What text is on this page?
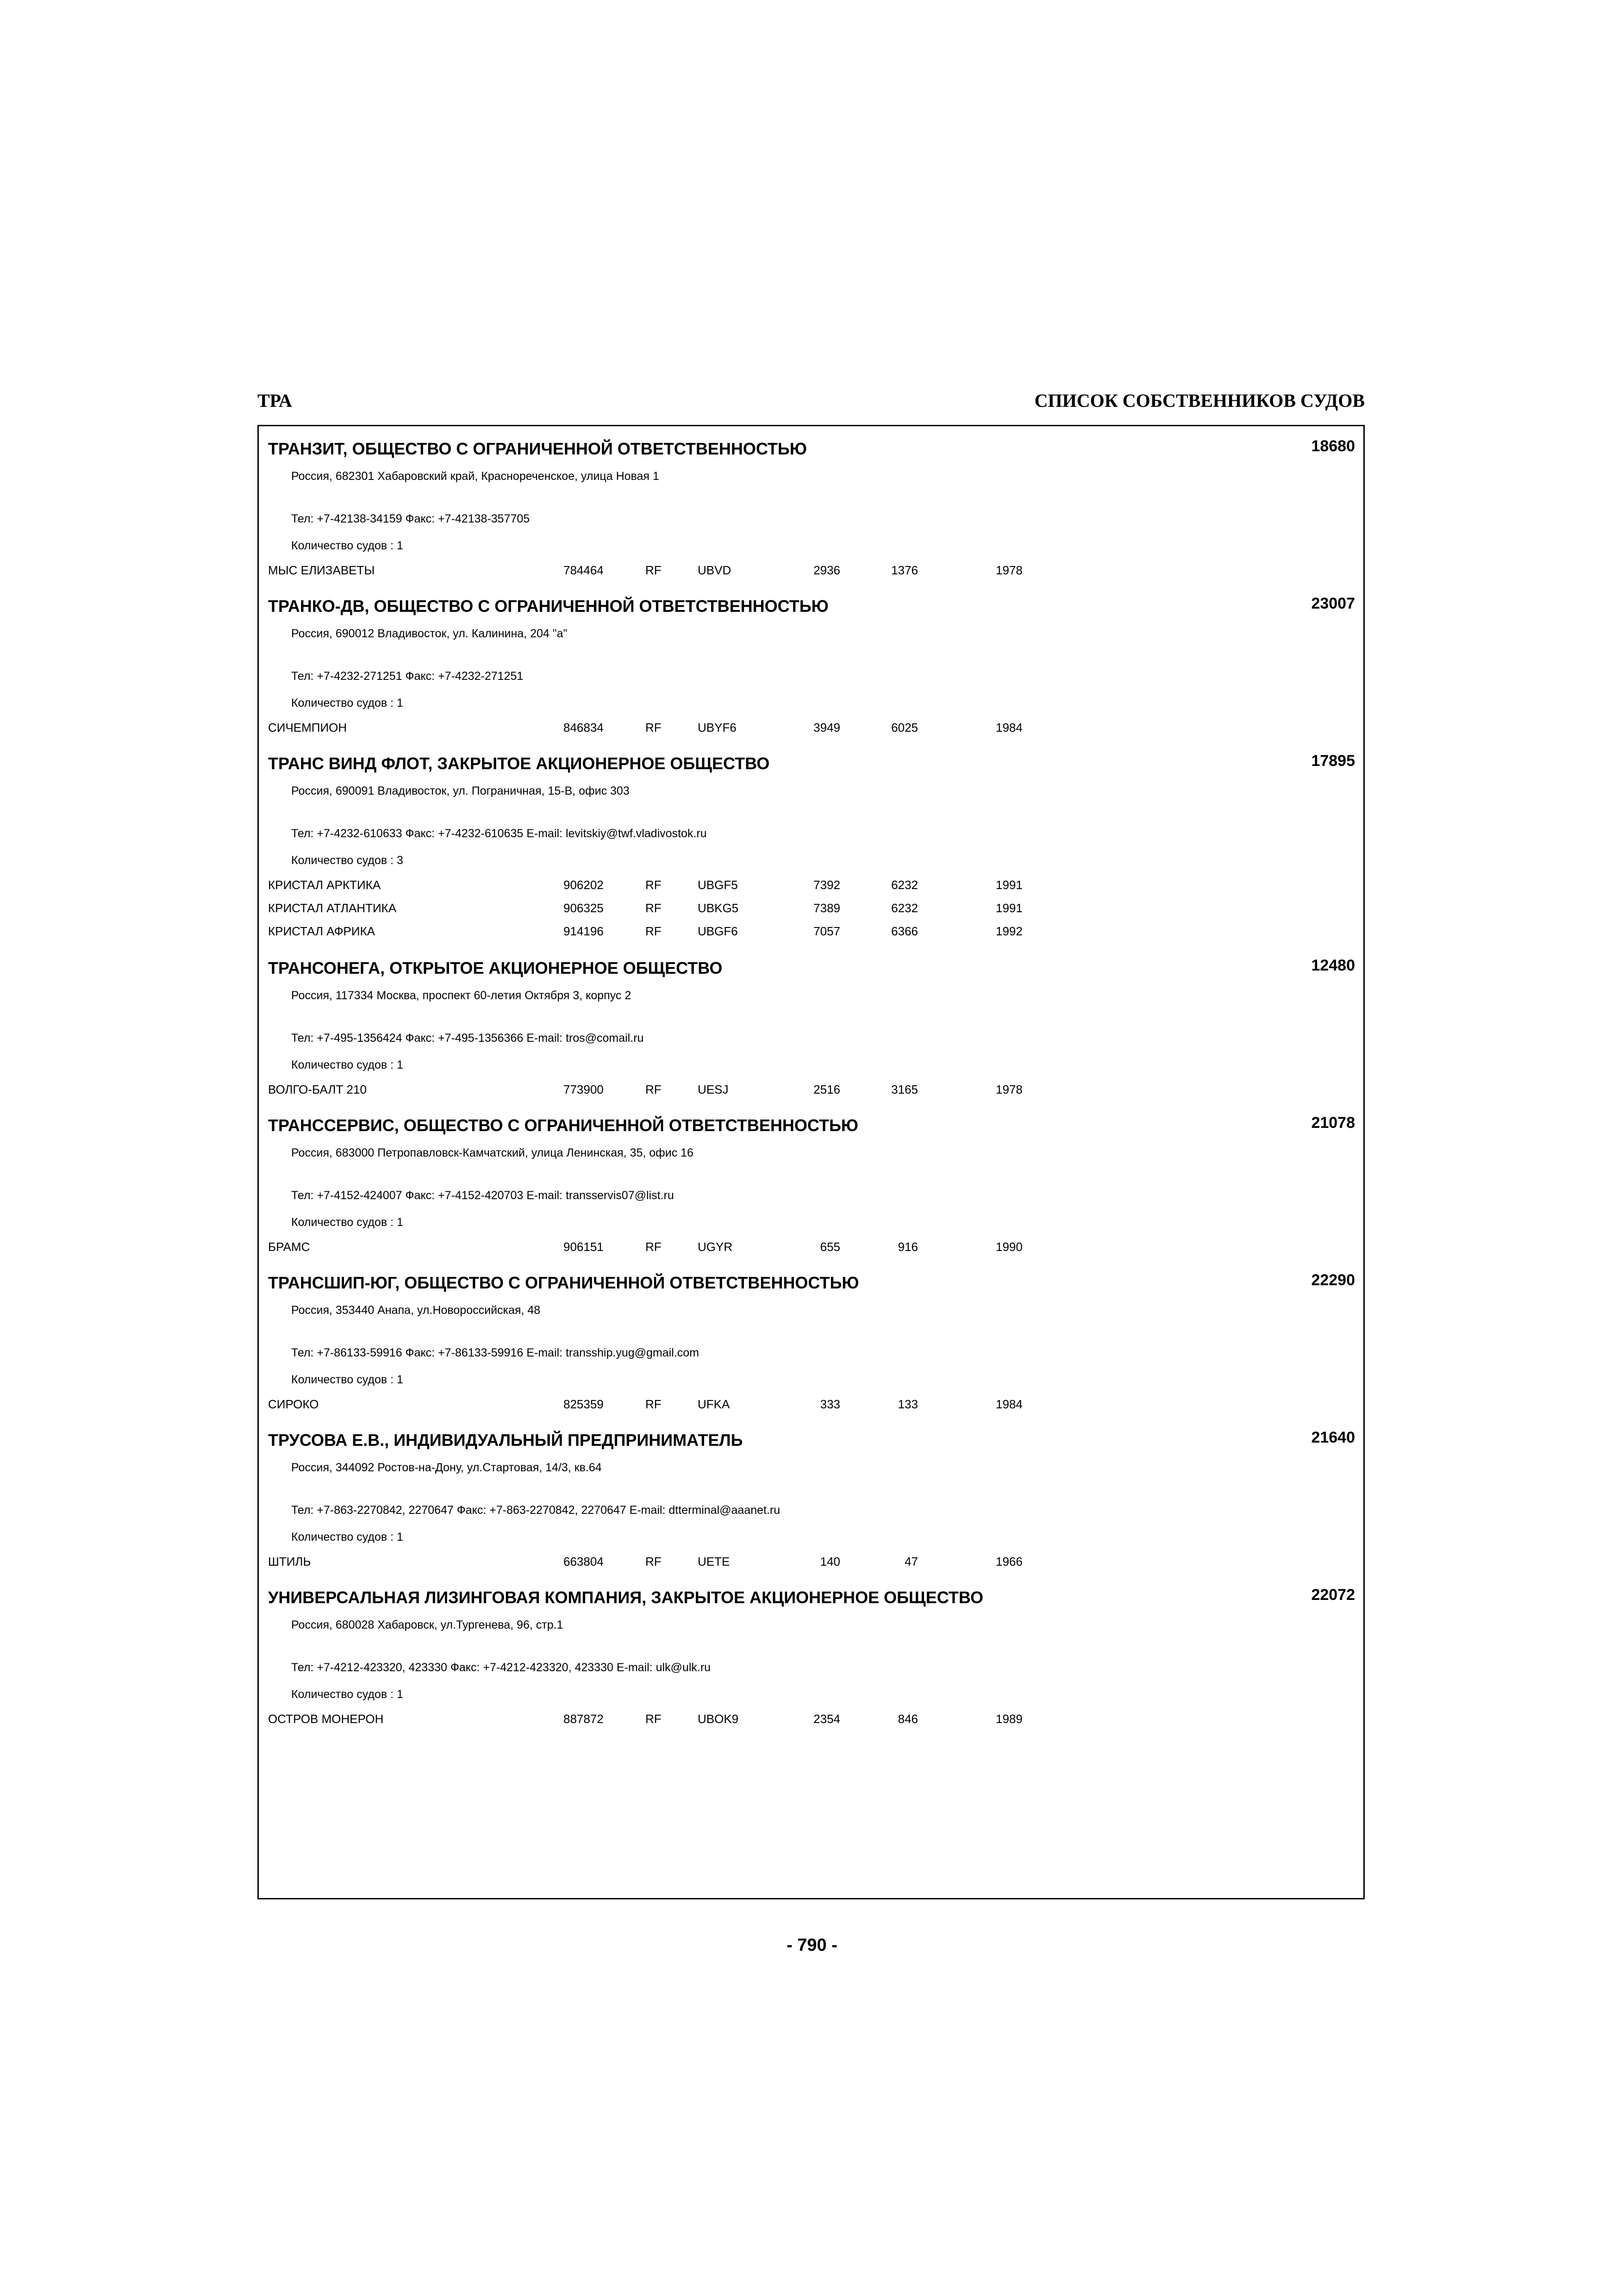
ТРА	СПИСОК СОБСТВЕННИКОВ СУДОВ
ТРАНЗИТ, ОБЩЕСТВО С ОГРАНИЧЕННОЙ ОТВЕТСТВЕННОСТЬЮ	18680
Россия, 682301 Хабаровский край, Краснореченское, улица Новая 1
Тел: +7-42138-34159 Факс: +7-42138-357705
Количество судов : 1
МЫС ЕЛИЗАВЕТЫ	784464	RF	UBVD	2936	1376	1978
ТРАНКО-ДВ, ОБЩЕСТВО С ОГРАНИЧЕННОЙ ОТВЕТСТВЕННОСТЬЮ	23007
Россия, 690012 Владивосток, ул. Калинина, 204 "а"
Тел: +7-4232-271251 Факс: +7-4232-271251
Количество судов : 1
СИЧЕМПИОН	846834	RF	UBYF6	3949	6025	1984
ТРАНС ВИНД ФЛОТ, ЗАКРЫТОЕ АКЦИОНЕРНОЕ ОБЩЕСТВО	17895
Россия, 690091 Владивосток, ул. Пограничная, 15-В, офис 303
Тел: +7-4232-610633 Факс: +7-4232-610635 E-mail: levitskiy@twf.vladivostok.ru
Количество судов : 3
КРИСТАЛ АРКТИКА	906202	RF	UBGF5	7392	6232	1991
КРИСТАЛ АТЛАНТИКА	906325	RF	UBKG5	7389	6232	1991
КРИСТАЛ АФРИКА	914196	RF	UBGF6	7057	6366	1992
ТРАНСОНЕГА, ОТКРЫТОЕ АКЦИОНЕРНОЕ ОБЩЕСТВО	12480
Россия, 117334 Москва, проспект 60-летия Октября 3, корпус 2
Тел: +7-495-1356424 Факс: +7-495-1356366 E-mail: tros@comail.ru
Количество судов : 1
ВОЛГО-БАЛТ 210	773900	RF	UESJ	2516	3165	1978
ТРАНССЕРВИС, ОБЩЕСТВО С ОГРАНИЧЕННОЙ ОТВЕТСТВЕННОСТЬЮ	21078
Россия, 683000 Петропавловск-Камчатский, улица Ленинская, 35, офис 16
Тел: +7-4152-424007 Факс: +7-4152-420703 E-mail: transservis07@list.ru
Количество судов : 1
БРАМС	906151	RF	UGYR	655	916	1990
ТРАНСШИП-ЮГ, ОБЩЕСТВО С ОГРАНИЧЕННОЙ ОТВЕТСТВЕННОСТЬЮ	22290
Россия, 353440 Анапа, ул.Новороссийская, 48
Тел: +7-86133-59916 Факс: +7-86133-59916 E-mail: transship.yug@gmail.com
Количество судов : 1
СИРОКО	825359	RF	UFKA	333	133	1984
ТРУСОВА Е.В., ИНДИВИДУАЛЬНЫЙ ПРЕДПРИНИМАТЕЛЬ	21640
Россия, 344092 Ростов-на-Дону, ул.Стартовая, 14/3, кв.64
Тел: +7-863-2270842, 2270647 Факс: +7-863-2270842, 2270647 E-mail: dtterminal@aaanet.ru
Количество судов : 1
ШТИЛЬ	663804	RF	UETE	140	47	1966
УНИВЕРСАЛЬНАЯ ЛИЗИНГОВАЯ КОМПАНИЯ, ЗАКРЫТОЕ АКЦИОНЕРНОЕ ОБЩЕСТВО	22072
Россия, 680028 Хабаровск, ул.Тургенева, 96, стр.1
Тел: +7-4212-423320, 423330 Факс: +7-4212-423320, 423330 E-mail: ulk@ulk.ru
Количество судов : 1
ОСТРОВ МОНЕРОН	887872	RF	UBOK9	2354	846	1989
- 790 -
